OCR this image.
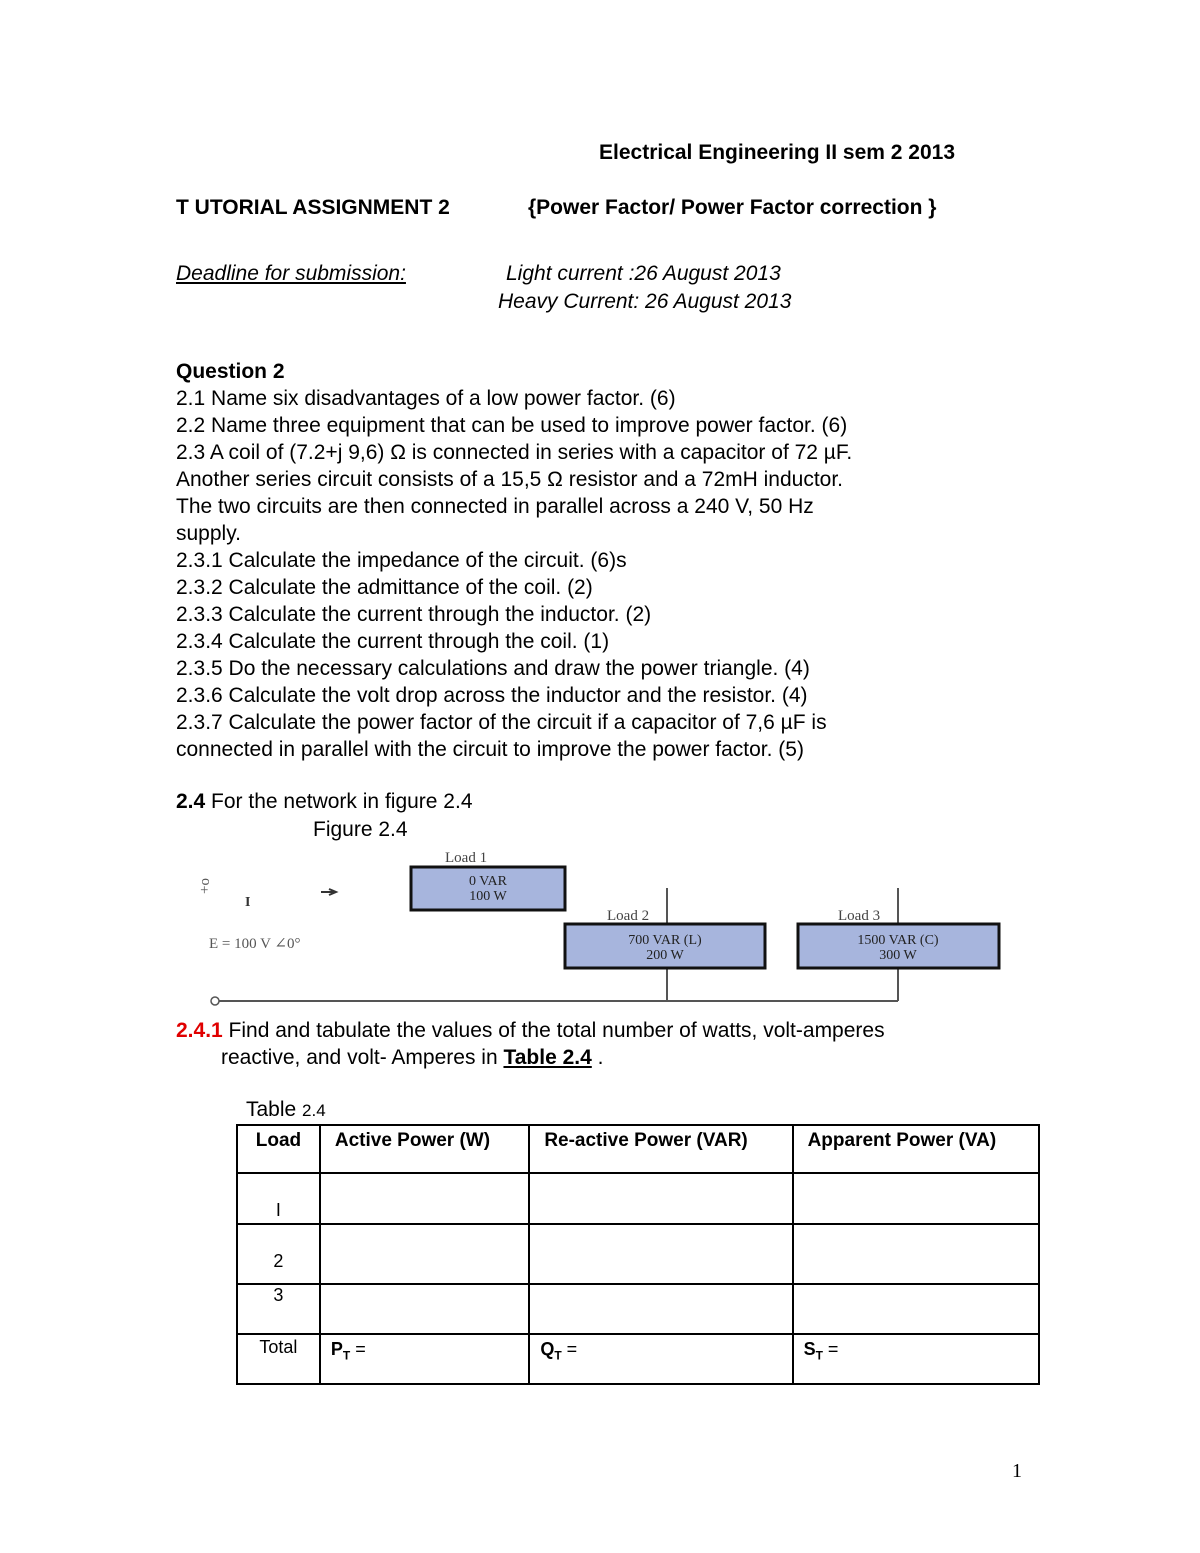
Electrical Engineering II sem 2 2013
T UTORIAL ASSIGNMENT 2	{Power Factor/ Power Factor correction }
Deadline for submission:	Light current :26 August 2013
Heavy Current: 26 August 2013
Question 2
2.1 Name six disadvantages of a low power factor. (6)
2.2 Name three equipment that can be used to improve power factor. (6)
2.3 A coil of (7.2+j 9,6) Ω is connected in series with a capacitor of 72 µF.
Another series circuit consists of a 15,5 Ω resistor and a 72mH inductor.
The two circuits are then connected in parallel across a 240 V, 50 Hz
supply.
2.3.1 Calculate the impedance of the circuit. (6)s
2.3.2 Calculate the admittance of the coil. (2)
2.3.3 Calculate the current through the inductor. (2)
2.3.4 Calculate the current through the coil. (1)
2.3.5 Do the necessary calculations and draw the power triangle. (4)
2.3.6 Calculate the volt drop across the inductor and the resistor. (4)
2.3.7 Calculate the power factor of the circuit if a capacitor of 7,6 µF is
connected in parallel with the circuit to improve the power factor. (5)
2.4 For the network in figure 2.4
Figure 2.4
+o
I
E = 100 V ∠0°
Load 1
0 VAR
100 W
Load 2
700 VAR (L)
200 W
Load 3
1500 VAR (C)
300 W
2.4.1 Find and tabulate the values of the total number of watts, volt-amperes
reactive, and volt- Amperes in Table 2.4 .
Table 2.4
Load	Active Power (W)	Re-active Power (VAR)	Apparent Power (VA)
I			
2			
3			
Total	$P_T$ =	$Q_T$ =	$S_T$ =
1
